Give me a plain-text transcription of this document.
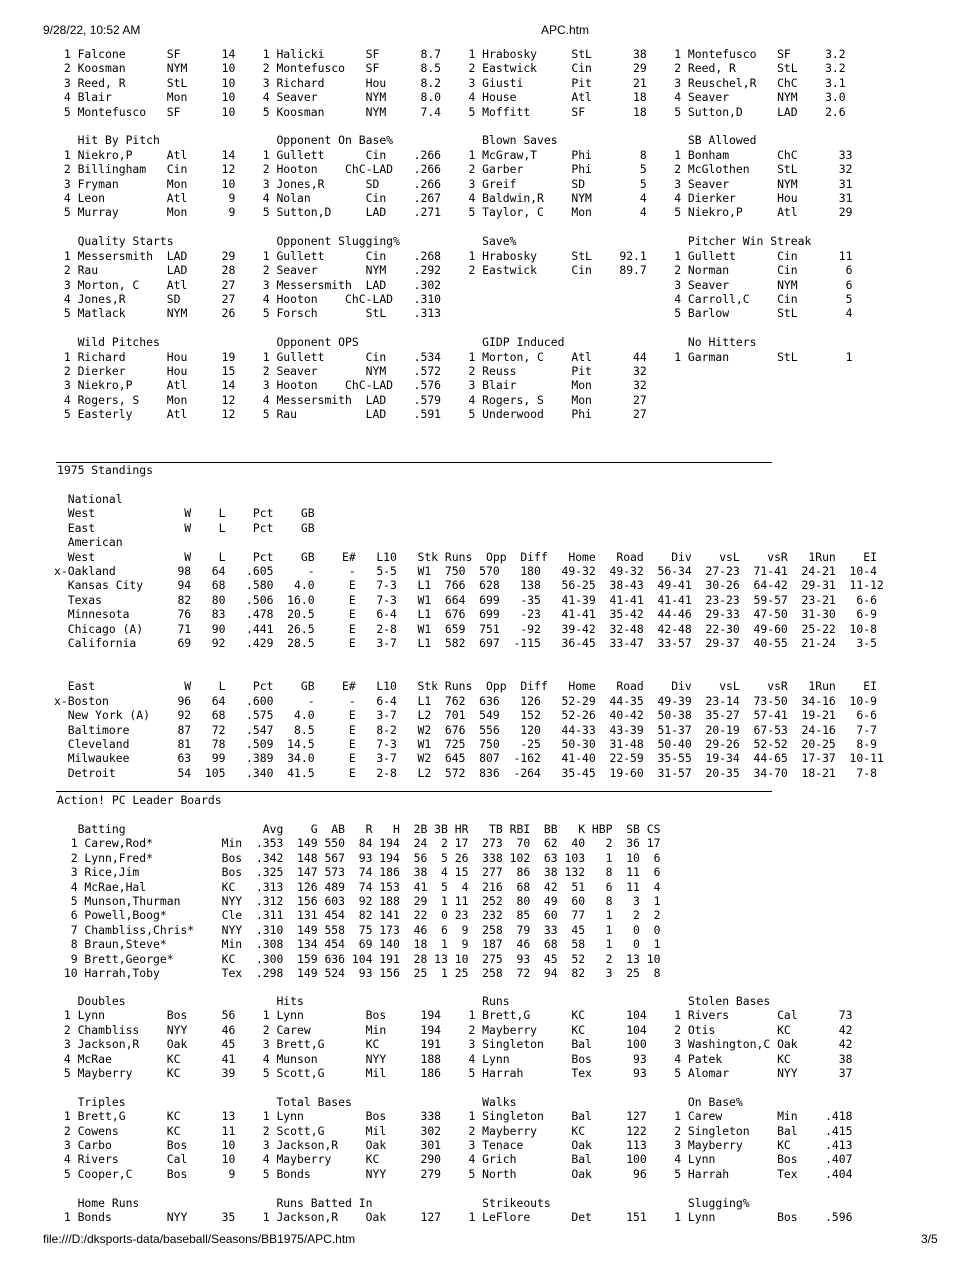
9/28/22, 10:52 AM	APC.htm
1 Falcone      SF      14    1 Halicki      SF      8.7    1 Hrabosky     StL      38    1 Montefusco   SF     3.2
2 Koosman      NYM     10    2 Montefusco   SF      8.5    2 Eastwick     Cin      29    2 Reed, R      StL    3.2
3 Reed, R      StL     10    3 Richard      Hou     8.2    3 Giusti       Pit      21    3 Reuschel,R   ChC    3.1
4 Blair        Mon     10    4 Seaver       NYM     8.0    4 House        Atl      18    4 Seaver       NYM    3.0
5 Montefusco   SF      10    5 Koosman      NYM     7.4    5 Moffitt      SF       18    5 Sutton,D     LAD    2.6

Hit By Pitch                 Opponent On Base%             Blown Saves                   SB Allowed
1 Niekro,P     Atl     14    1 Gullett      Cin    .266    1 McGraw,T     Phi       8    1 Bonham       ChC      33
2 Billingham   Cin     12    2 Hooton    ChC-LAD   .266    2 Garber       Phi       5    2 McGlothen    StL      32
3 Fryman       Mon     10    3 Jones,R      SD     .266    3 Greif        SD        5    3 Seaver       NYM      31
4 Leon         Atl      9    4 Nolan        Cin    .267    4 Baldwin,R    NYM       4    4 Dierker      Hou      31
5 Murray       Mon      9    5 Sutton,D     LAD    .271    5 Taylor, C    Mon       4    5 Niekro,P     Atl      29

Quality Starts               Opponent Slugging%            Save%                         Pitcher Win Streak
1 Messersmith  LAD     29    1 Gullett      Cin    .268    1 Hrabosky     StL    92.1    1 Gullett      Cin      11
2 Rau          LAD     28    2 Seaver       NYM    .292    2 Eastwick     Cin    89.7    2 Norman       Cin       6
3 Morton, C    Atl     27    3 Messersmith  LAD    .302                                  3 Seaver       NYM       6
4 Jones,R      SD      27    4 Hooton    ChC-LAD   .310                                  4 Carroll,C    Cin       5
5 Matlack      NYM     26    5 Forsch       StL    .313                                  5 Barlow       StL       4

Wild Pitches                 Opponent OPS                  GIDP Induced                  No Hitters
1 Richard      Hou     19    1 Gullett      Cin    .534    1 Morton, C    Atl      44    1 Garman       StL       1
2 Dierker      Hou     15    2 Seaver       NYM    .572    2 Reuss        Pit      32
3 Niekro,P     Atl     14    3 Hooton    ChC-LAD   .576    3 Blair        Mon      32
4 Rogers, S    Mon     12    4 Messersmith  LAD    .579    4 Rogers, S    Mon      27
5 Easterly     Atl     12    5 Rau          LAD    .591    5 Underwood    Phi      27
1975 Standings
National
West             W    L    Pct    GB
East             W    L    Pct    GB
American
West             W    L    Pct    GB    E#   L10   Stk Runs  Opp  Diff   Home   Road    Div    vsL    vsR   1Run    EI
x-Oakland         98   64   .605     -     -   5-5   W1  750  570   180   49-32  49-32  56-34  27-23  71-41  24-21  10-4
Kansas City     94   68   .580   4.0     E   7-3   L1  766  628   138   56-25  38-43  49-41  30-26  64-42  29-31  11-12
Texas           82   80   .506  16.0     E   7-3   W1  664  699   -35   41-39  41-41  41-41  23-23  59-57  23-21   6-6
Minnesota       76   83   .478  20.5     E   6-4   L1  676  699   -23   41-41  35-42  44-46  29-33  47-50  31-30   6-9
Chicago (A)     71   90   .441  26.5     E   2-8   W1  659  751   -92   39-42  32-48  42-48  22-30  49-60  25-22  10-8
California      69   92   .429  28.5     E   3-7   L1  582  697  -115   36-45  33-47  33-57  29-37  40-55  21-24   3-5

East             W    L    Pct    GB    E#   L10   Stk Runs  Opp  Diff   Home   Road    Div    vsL    vsR   1Run    EI
x-Boston          96   64   .600     -     -   6-4   L1  762  636   126   52-29  44-35  49-39  23-14  73-50  34-16  10-9
New York (A)    92   68   .575   4.0     E   3-7   L2  701  549   152   52-26  40-42  50-38  35-27  57-41  19-21   6-6
Baltimore       87   72   .547   8.5     E   8-2   W2  676  556   120   44-33  43-39  51-37  20-19  67-53  24-16   7-7
Cleveland       81   78   .509  14.5     E   7-3   W1  725  750   -25   50-30  31-48  50-40  29-26  52-52  20-25   8-9
Milwaukee       63   99   .389  34.0     E   3-7   W2  645  807  -162   41-40  22-59  35-55  19-34  44-65  17-37  10-11
Detroit         54  105   .340  41.5     E   2-8   L2  572  836  -264   35-45  19-60  31-57  20-35  34-70  18-21   7-8
Action! PC Leader Boards
Batting                    Avg    G  AB   R   H  2B 3B HR   TB RBI  BB   K HBP  SB CS
1 Carew,Rod*          Min  .353  149 550  84 194  24  2 17  273  70  62  40   2  36 17
2 Lynn,Fred*          Bos  .342  148 567  93 194  56  5 26  338 102  63 103   1  10  6
3 Rice,Jim            Bos  .325  147 573  74 186  38  4 15  277  86  38 132   8  11  6
4 McRae,Hal           KC   .313  126 489  74 153  41  5  4  216  68  42  51   6  11  4
5 Munson,Thurman      NYY  .312  156 603  92 188  29  1 11  252  80  49  60   8   3  1
6 Powell,Boog*        Cle  .311  131 454  82 141  22  0 23  232  85  60  77   1   2  2
7 Chambliss,Chris*    NYY  .310  149 558  75 173  46  6  9  258  79  33  45   1   0  0
8 Braun,Steve*        Min  .308  134 454  69 140  18  1  9  187  46  68  58   1   0  1
9 Brett,George*       KC   .300  159 636 104 191  28 13 10  275  93  45  52   2  13 10
10 Harrah,Toby         Tex  .298  149 524  93 156  25  1 25  258  72  94  82   3  25  8
Doubles                      Hits                          Runs                          Stolen Bases
1 Lynn         Bos     56    1 Lynn         Bos     194    1 Brett,G      KC      104    1 Rivers       Cal      73
2 Chambliss    NYY     46    2 Carew        Min     194    2 Mayberry     KC      104    2 Otis         KC       42
3 Jackson,R    Oak     45    3 Brett,G      KC      191    3 Singleton    Bal     100    3 Washington,C Oak      42
4 McRae        KC      41    4 Munson       NYY     188    4 Lynn         Bos      93    4 Patek        KC       38
5 Mayberry     KC      39    5 Scott,G      Mil     186    5 Harrah       Tex      93    5 Alomar       NYY      37

Triples                      Total Bases                   Walks                         On Base%
1 Brett,G      KC      13    1 Lynn         Bos     338    1 Singleton    Bal     127    1 Carew        Min    .418
2 Cowens       KC      11    2 Scott,G      Mil     302    2 Mayberry     KC      122    2 Singleton    Bal    .415
3 Carbo        Bos     10    3 Jackson,R    Oak     301    3 Tenace       Oak     113    3 Mayberry     KC     .413
4 Rivers       Cal     10    4 Mayberry     KC      290    4 Grich        Bal     100    4 Lynn         Bos    .407
5 Cooper,C     Bos      9    5 Bonds        NYY     279    5 North        Oak      96    5 Harrah       Tex    .404

Home Runs                    Runs Batted In                Strikeouts                    Slugging%
1 Bonds        NYY     35    1 Jackson,R    Oak     127    1 LeFlore      Det     151    1 Lynn         Bos    .596
file:///D:/dksports-data/baseball/Seasons/BB1975/APC.htm	3/5
